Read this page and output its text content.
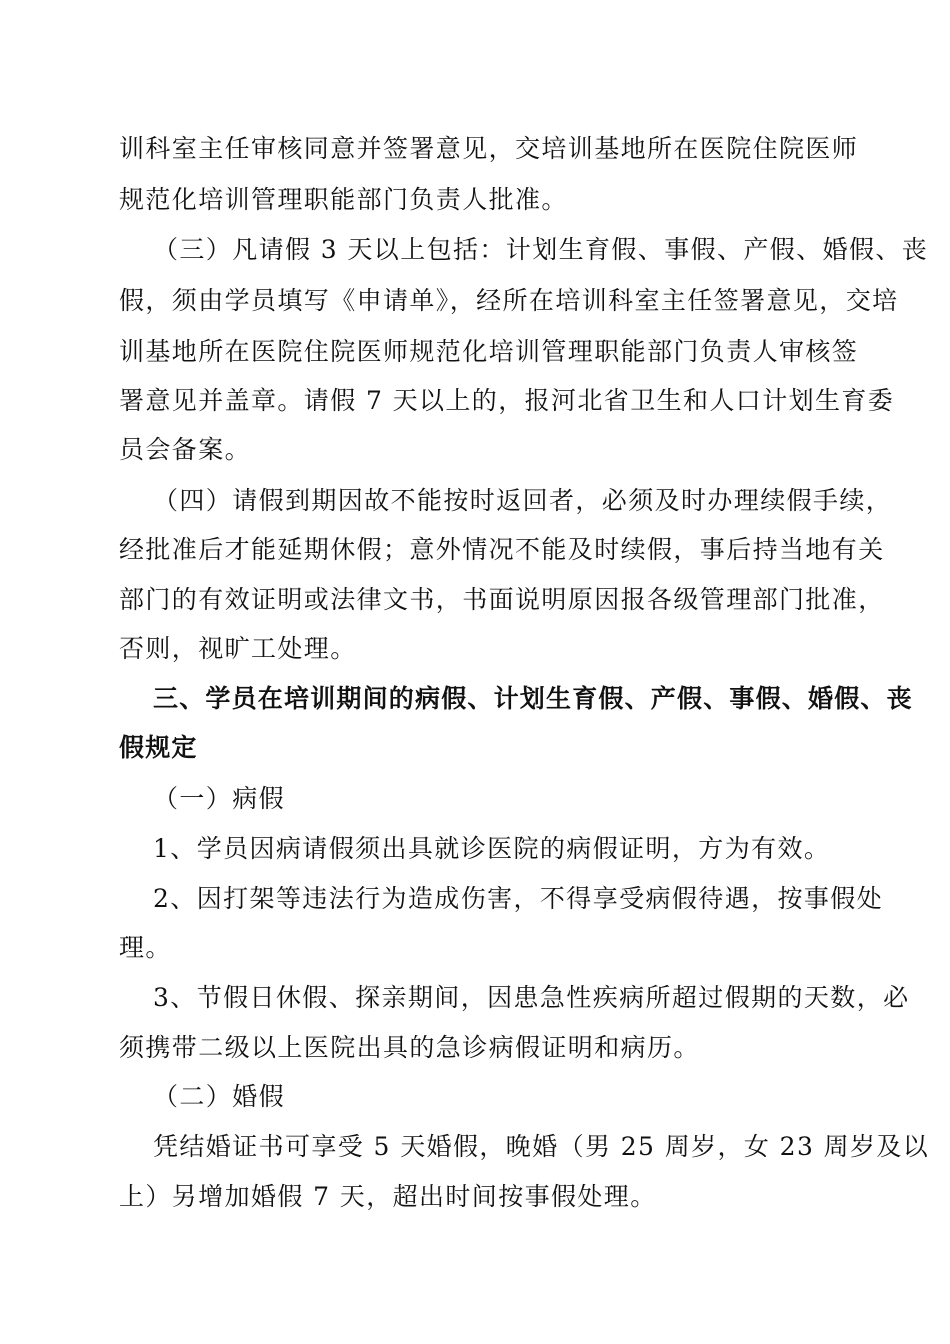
训科室主任审核同意并签署意见，交培训基地所在医院住院医师
规范化培训管理职能部门负责人批准。
（三）凡请假 3 天以上包括：计划生育假、事假、产假、婚假、丧
假，须由学员填写《申请单》，经所在培训科室主任签署意见，交培
训基地所在医院住院医师规范化培训管理职能部门负责人审核签
署意见并盖章。请假 7 天以上的，报河北省卫生和人口计划生育委
员会备案。
（四）请假到期因故不能按时返回者，必须及时办理续假手续，
经批准后才能延期休假；意外情况不能及时续假，事后持当地有关
部门的有效证明或法律文书，书面说明原因报各级管理部门批准，
否则，视旷工处理。
三、学员在培训期间的病假、计划生育假、产假、事假、婚假、丧
假规定
（一）病假
1、学员因病请假须出具就诊医院的病假证明，方为有效。
2、因打架等违法行为造成伤害，不得享受病假待遇，按事假处
理。
3、节假日休假、探亲期间，因患急性疾病所超过假期的天数，必
须携带二级以上医院出具的急诊病假证明和病历。
（二）婚假
凭结婚证书可享受 5 天婚假，晚婚（男 25 周岁，女 23 周岁及以
上）另增加婚假 7 天，超出时间按事假处理。
